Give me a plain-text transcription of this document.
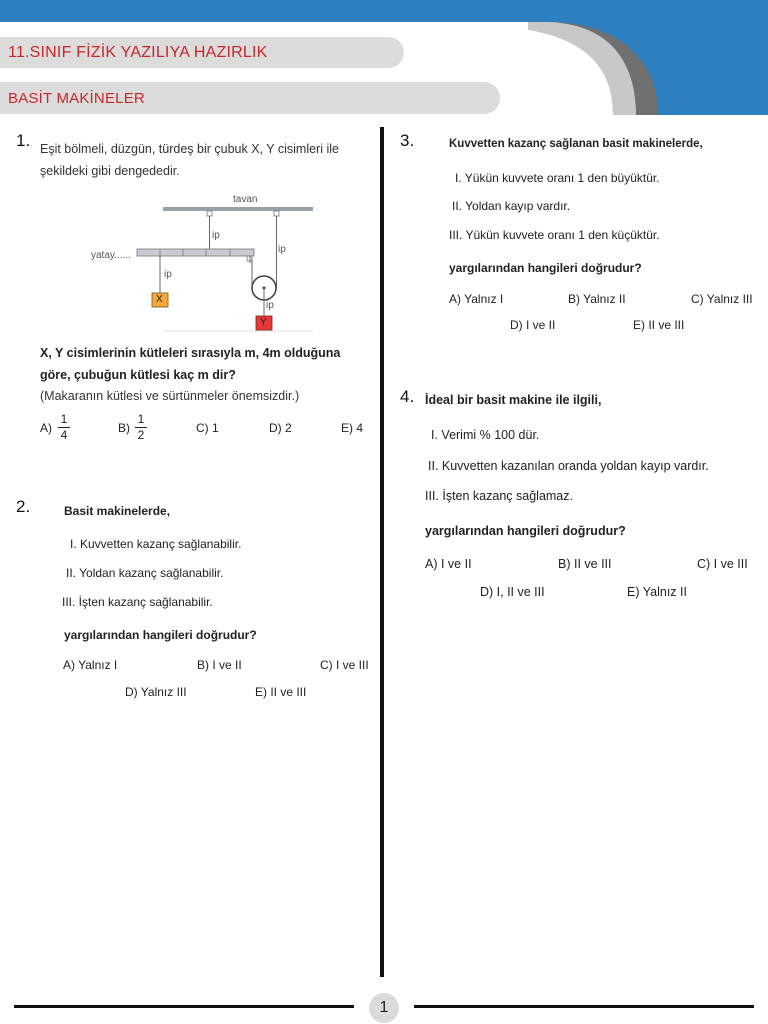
11.SINIF FİZİK YAZILIYA HAZIRLIK
BASİT MAKİNELER
1. Eşit bölmeli, düzgün, türdeş bir çubuk X, Y cisimleri ile
şekildeki gibi dengededir.
tavan
ip
ip
yatay......
ip
ip
X
Y
X, Y cisimlerinin kütleleri sırasıyla m, 4m olduğuna
göre, çubuğun kütlesi kaç m dir?
(Makaranın kütlesi ve sürtünmeler önemsizdir.)
A)
1
4	B)
1
2	C) 1	D) 2	E) 4
2.	Basit makinelerde,
I. Kuvvetten kazanç sağlanabilir.
II. Yoldan kazanç sağlanabilir.
III. İşten kazanç sağlanabilir.
yargılarından hangileri doğrudur?
A) Yalnız I	B) I ve II	C) I ve III
D) Yalnız III	E) II ve III
3.	Kuvvetten kazanç sağlanan basit makinelerde,
I. Yükün kuvvete oranı 1 den büyüktür.
II. Yoldan kayıp vardır.
III. Yükün kuvvete oranı 1 den küçüktür.
yargılarından hangileri doğrudur?
A) Yalnız I	B) Yalnız II	C) Yalnız III
D) I ve II	E) II ve III
4. İdeal bir basit makine ile ilgili,
I. Verimi % 100 dür.
II. Kuvvetten kazanılan oranda yoldan kayıp vardır.
III. İşten kazanç sağlamaz.
yargılarından hangileri doğrudur?
A) I ve II	B) II ve III	C) I ve III
D) I, II ve III	E) Yalnız II
1
